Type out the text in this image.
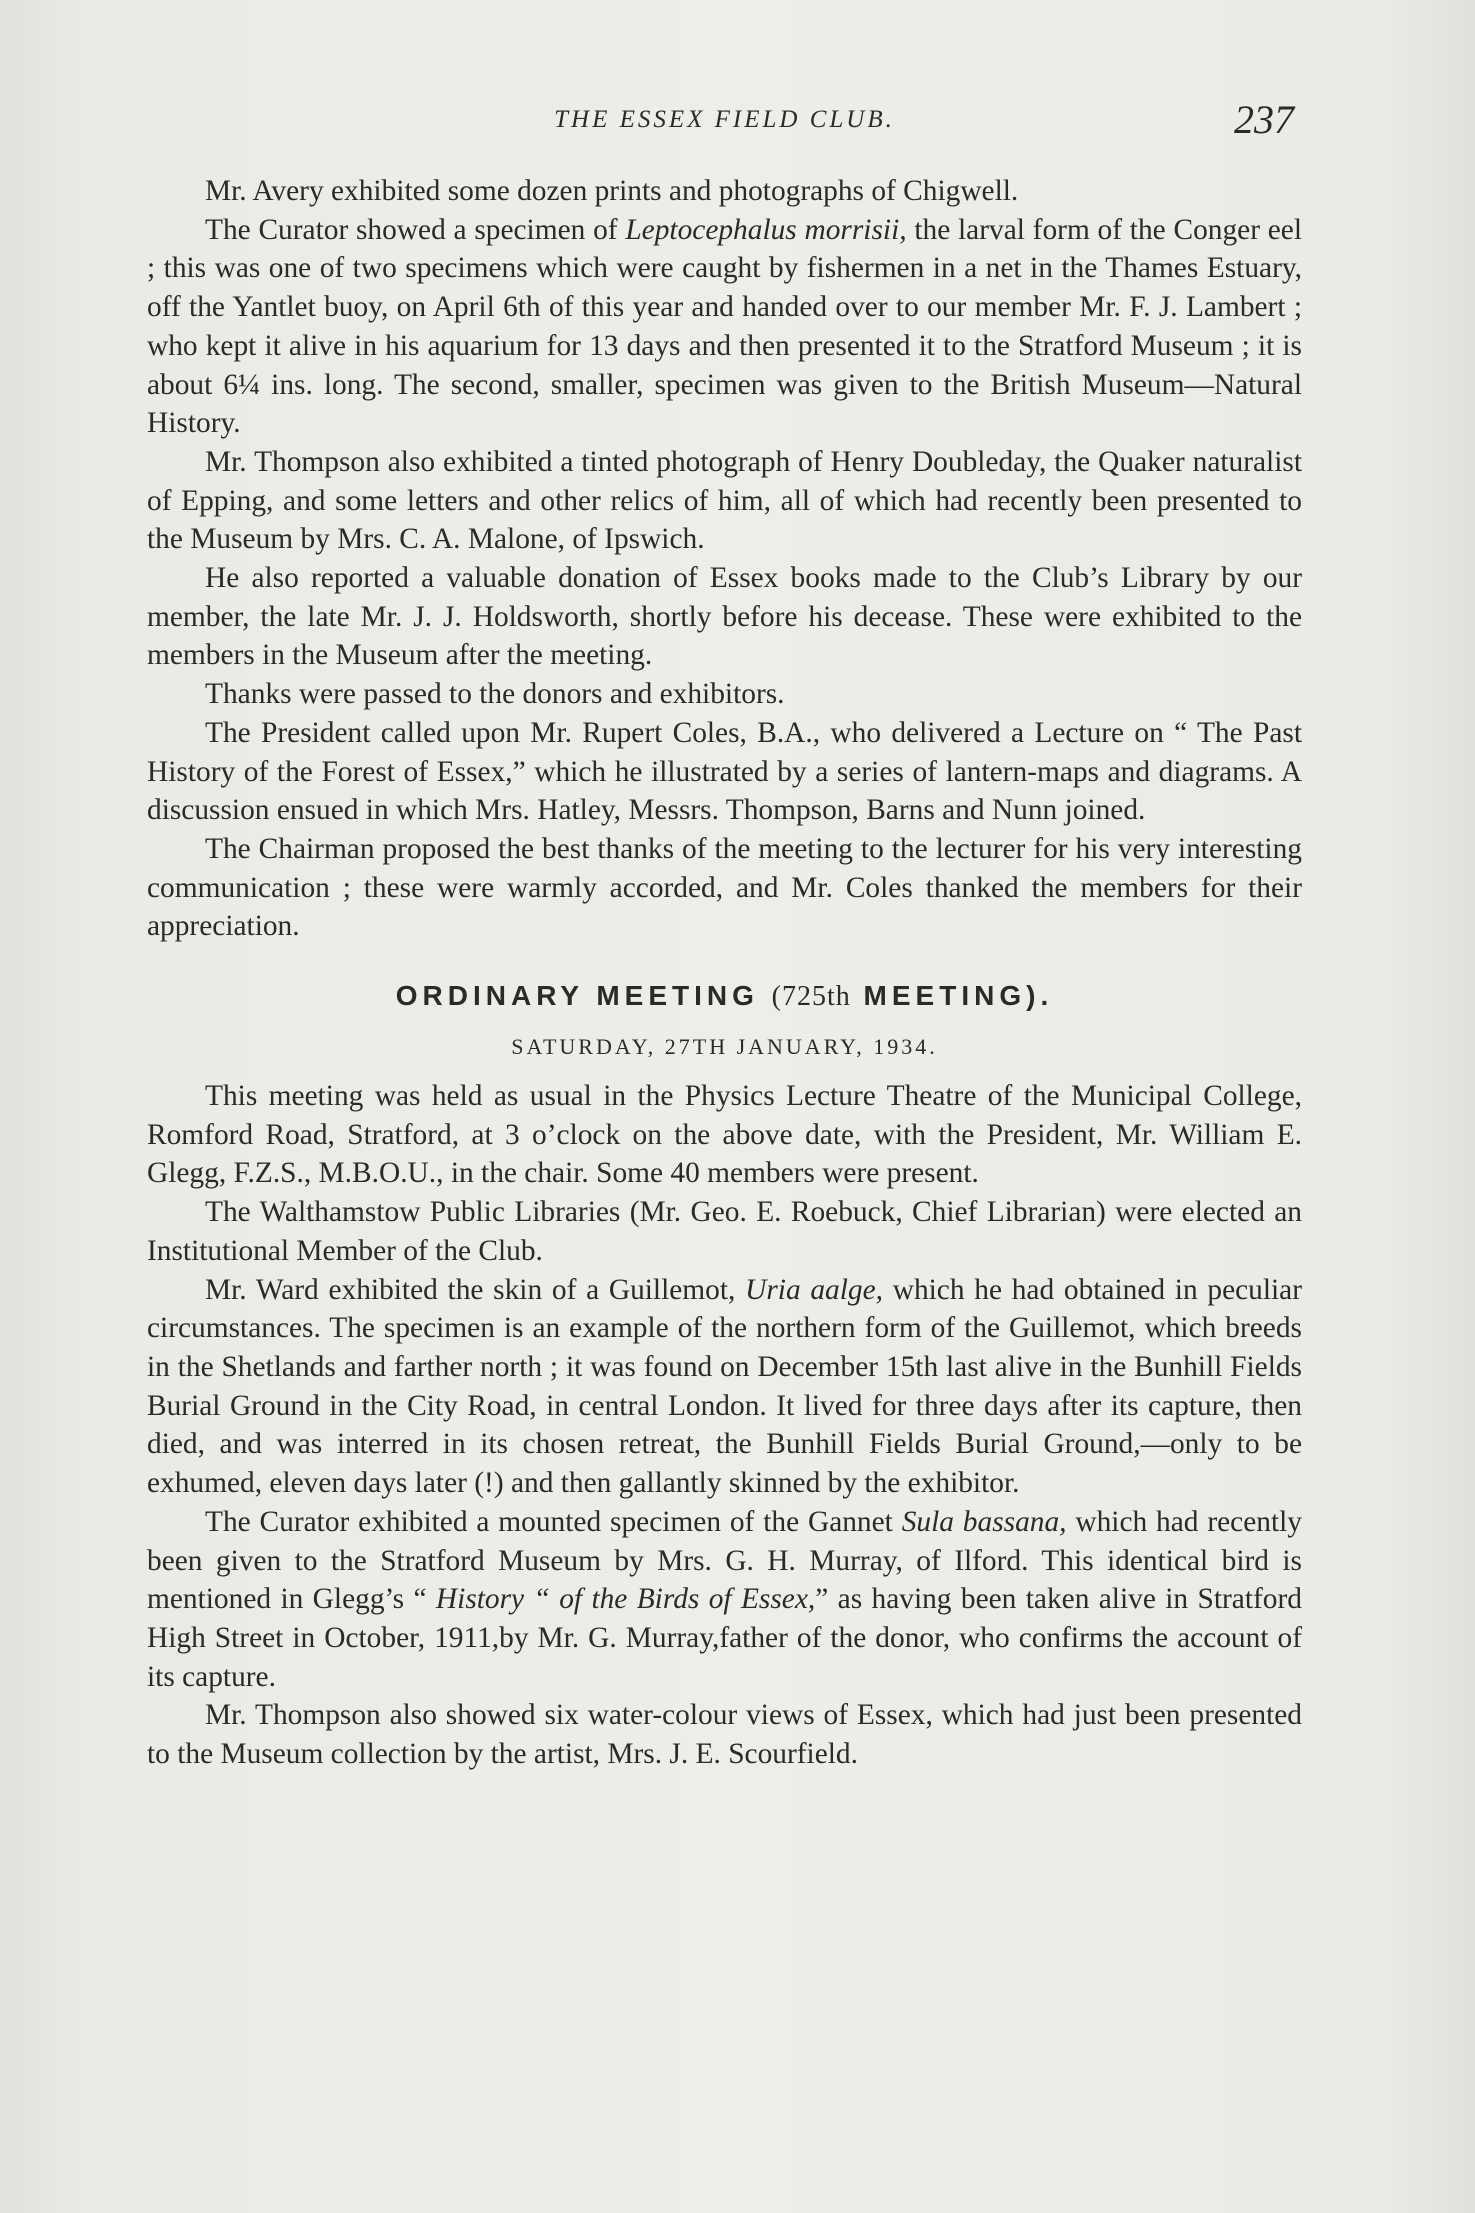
THE ESSEX FIELD CLUB.	237

Mr. Avery exhibited some dozen prints and photographs of Chigwell.

The Curator showed a specimen of Leptocephalus morrisii, the larval form of the Conger eel ; this was one of two specimens which were caught by fishermen in a net in the Thames Estuary, off the Yantlet buoy, on April 6th of this year and handed over to our member Mr. F. J. Lambert ; who kept it alive in his aquarium for 13 days and then presented it to the Stratford Museum ; it is about 6¼ ins. long. The second, smaller, specimen was given to the British Museum—Natural History.

Mr. Thompson also exhibited a tinted photograph of Henry Doubleday, the Quaker naturalist of Epping, and some letters and other relics of him, all of which had recently been presented to the Museum by Mrs. C. A. Malone, of Ipswich.

He also reported a valuable donation of Essex books made to the Club’s Library by our member, the late Mr. J. J. Holdsworth, shortly before his decease. These were exhibited to the members in the Museum after the meeting.

Thanks were passed to the donors and exhibitors.

The President called upon Mr. Rupert Coles, B.A., who delivered a Lecture on “ The Past History of the Forest of Essex,” which he illustrated by a series of lantern-maps and diagrams. A discussion ensued in which Mrs. Hatley, Messrs. Thompson, Barns and Nunn joined.

The Chairman proposed the best thanks of the meeting to the lecturer for his very interesting communication ; these were warmly accorded, and Mr. Coles thanked the members for their appreciation.

ORDINARY MEETING (725th MEETING).
SATURDAY, 27TH JANUARY, 1934.

This meeting was held as usual in the Physics Lecture Theatre of the Municipal College, Romford Road, Stratford, at 3 o’clock on the above date, with the President, Mr. William E. Glegg, F.Z.S., M.B.O.U., in the chair. Some 40 members were present.

The Walthamstow Public Libraries (Mr. Geo. E. Roebuck, Chief Librarian) were elected an Institutional Member of the Club.

Mr. Ward exhibited the skin of a Guillemot, Uria aalge, which he had obtained in peculiar circumstances. The specimen is an example of the northern form of the Guillemot, which breeds in the Shetlands and farther north ; it was found on December 15th last alive in the Bunhill Fields Burial Ground in the City Road, in central London. It lived for three days after its capture, then died, and was interred in its chosen retreat, the Bunhill Fields Burial Ground,—only to be exhumed, eleven days later (!) and then gallantly skinned by the exhibitor.

The Curator exhibited a mounted specimen of the Gannet Sula bassana, which had recently been given to the Stratford Museum by Mrs. G. H. Murray, of Ilford. This identical bird is mentioned in Glegg’s “ History “ of the Birds of Essex,” as having been taken alive in Stratford High Street in October, 1911,by Mr. G. Murray,father of the donor, who confirms the account of its capture.

Mr. Thompson also showed six water-colour views of Essex, which had just been presented to the Museum collection by the artist, Mrs. J. E. Scourfield.
